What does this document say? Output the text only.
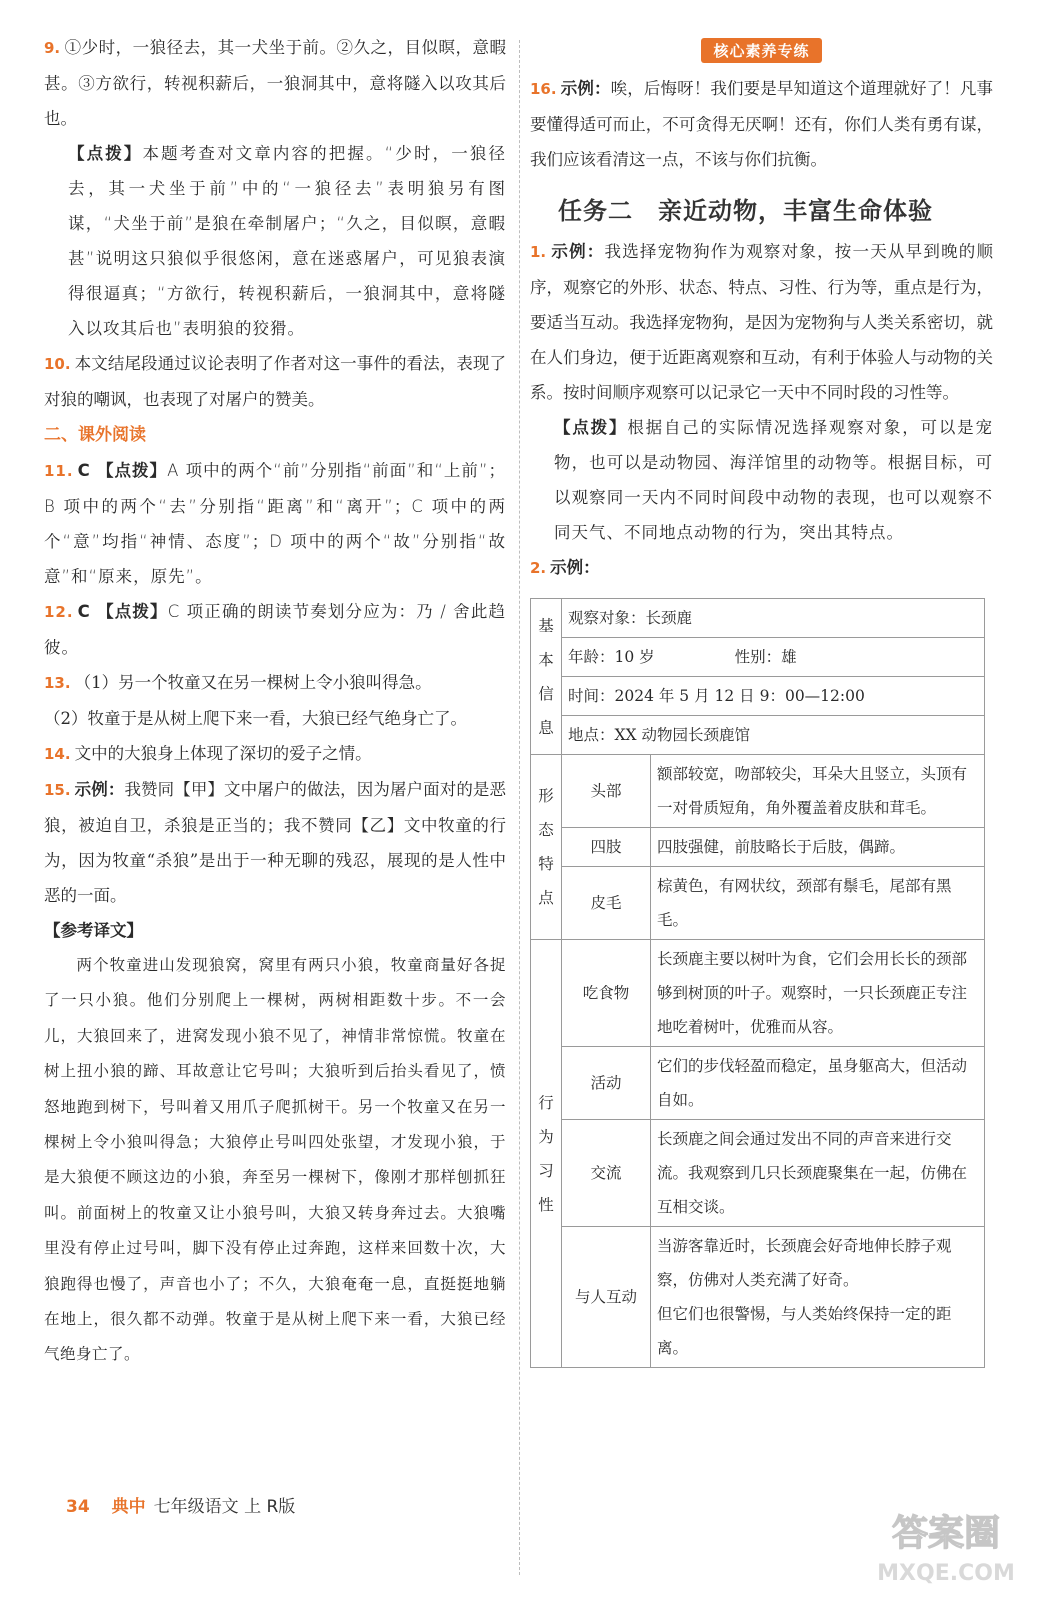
9. ①少时，一狼径去，其一犬坐于前。②久之，目似暝，意暇甚。③方欲行，转视积薪后，一狼洞其中，意将隧入以攻其后也。

【点拨】本题考查对文章内容的把握。“少时，一狼径去，其一犬坐于前”中的“一狼径去”表明狼另有图谋，“犬坐于前”是狼在牵制屠户；“久之，目似暝，意暇甚”说明这只狼似乎很悠闲，意在迷惑屠户，可见狼表演得很逼真；“方欲行，转视积薪后，一狼洞其中，意将隧入以攻其后也”表明狼的狡猾。

10. 本文结尾段通过议论表明了作者对这一事件的看法，表现了对狼的嘲讽，也表现了对屠户的赞美。

二、课外阅读

11. C 【点拨】A 项中的两个“前”分别指“前面”和“上前”；B 项中的两个“去”分别指“距离”和“离开”；C 项中的两个“意”均指“神情、态度”；D 项中的两个“故”分别指“故意”和“原来，原先”。

12. C 【点拨】C 项正确的朗读节奏划分应为：乃 / 舍此趋彼。

13. （1）另一个牧童又在另一棵树上令小狼叫得急。

（2）牧童于是从树上爬下来一看，大狼已经气绝身亡了。

14. 文中的大狼身上体现了深切的爱子之情。

15. 示例：我赞同【甲】文中屠户的做法，因为屠户面对的是恶狼，被迫自卫，杀狼是正当的；我不赞同【乙】文中牧童的行为，因为牧童“杀狼”是出于一种无聊的残忍，展现的是人性中恶的一面。

【参考译文】

  两个牧童进山发现狼窝，窝里有两只小狼，牧童商量好各捉了一只小狼。他们分别爬上一棵树，两树相距数十步。不一会儿，大狼回来了，进窝发现小狼不见了，神情非常惊慌。牧童在树上扭小狼的蹄、耳故意让它号叫；大狼听到后抬头看见了，愤怒地跑到树下，号叫着又用爪子爬抓树干。另一个牧童又在另一棵树上令小狼叫得急；大狼停止号叫四处张望，才发现小狼，于是大狼便不顾这边的小狼，奔至另一棵树下，像刚才那样刨抓狂叫。前面树上的牧童又让小狼号叫，大狼又转身奔过去。大狼嘴里没有停止过号叫，脚下没有停止过奔跑，这样来回数十次，大狼跑得也慢了，声音也小了；不久，大狼奄奄一息，直挺挺地躺在地上，很久都不动弹。牧童于是从树上爬下来一看，大狼已经气绝身亡了。

核心素养专练

16. 示例：唉，后悔呀！我们要是早知道这个道理就好了！凡事要懂得适可而止，不可贪得无厌啊！还有，你们人类有勇有谋，我们应该看清这一点，不该与你们抗衡。

任务二　亲近动物，丰富生命体验

1. 示例：我选择宠物狗作为观察对象，按一天从早到晚的顺序，观察它的外形、状态、特点、习性、行为等，重点是行为，要适当互动。我选择宠物狗，是因为宠物狗与人类关系密切，就在人们身边，便于近距离观察和互动，有利于体验人与动物的关系。按时间顺序观察可以记录它一天中不同时段的习性等。

【点拨】根据自己的实际情况选择观察对象，可以是宠物，也可以是动物园、海洋馆里的动物等。根据目标，可以观察同一天内不同时间段中动物的表现，也可以观察不同天气、不同地点动物的行为，突出其特点。

2. 示例：

基
本
信
息	观察对象：长颈鹿	
	年龄：10 岁 性别：雄	
	时间：2024 年 5 月 12 日 9：00—12:00	
	地点：XX 动物园长颈鹿馆	

形
态
特
点	头部	额部较宽，吻部较尖，耳朵大且竖立，头顶有一对骨质短角，角外覆盖着皮肤和茸毛。
	四肢	四肢强健，前肢略长于后肢，偶蹄。
	皮毛	棕黄色，有网状纹，颈部有鬃毛，尾部有黑毛。

行
为
习
性	吃食物	长颈鹿主要以树叶为食，它们会用长长的颈部够到树顶的叶子。观察时，一只长颈鹿正专注地吃着树叶，优雅而从容。
	活动	它们的步伐轻盈而稳定，虽身躯高大，但活动自如。
	交流	长颈鹿之间会通过发出不同的声音来进行交流。我观察到几只长颈鹿聚集在一起，仿佛在互相交谈。
	与人互动	当游客靠近时，长颈鹿会好奇地伸长脖子观察，仿佛对人类充满了好奇。
但它们也很警惕，与人类始终保持一定的距离。
34 典中 七年级语文 上 R版
答案圈
MXQE.COM
